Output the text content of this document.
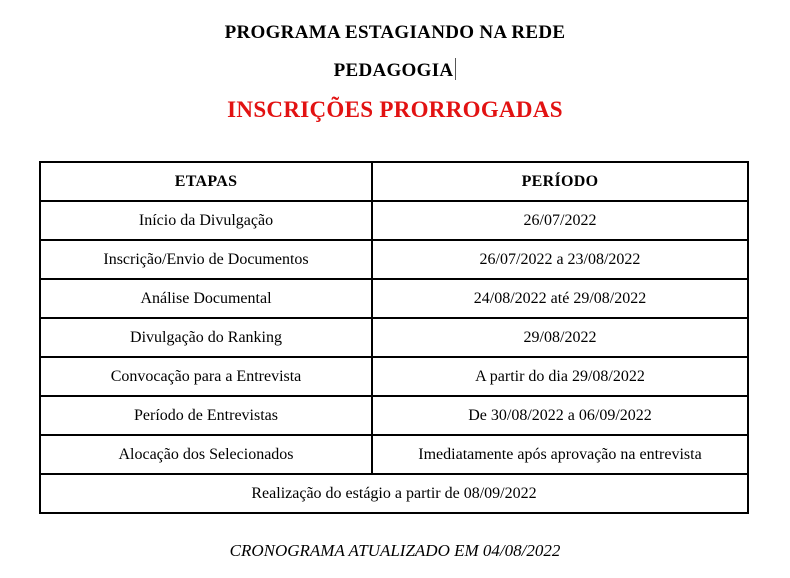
PROGRAMA ESTAGIANDO NA REDE
PEDAGOGIA
INSCRIÇÕES PRORROGADAS
ETAPAS	PERÍODO
Início da Divulgação	26/07/2022
Inscrição/Envio de Documentos	26/07/2022 a 23/08/2022
Análise Documental	24/08/2022 até 29/08/2022
Divulgação do Ranking	29/08/2022
Convocação para a Entrevista	A partir do dia 29/08/2022
Período de Entrevistas	De 30/08/2022 a 06/09/2022
Alocação dos Selecionados	Imediatamente após aprovação na entrevista
Realização do estágio a partir de 08/09/2022	
CRONOGRAMA ATUALIZADO EM 04/08/2022
